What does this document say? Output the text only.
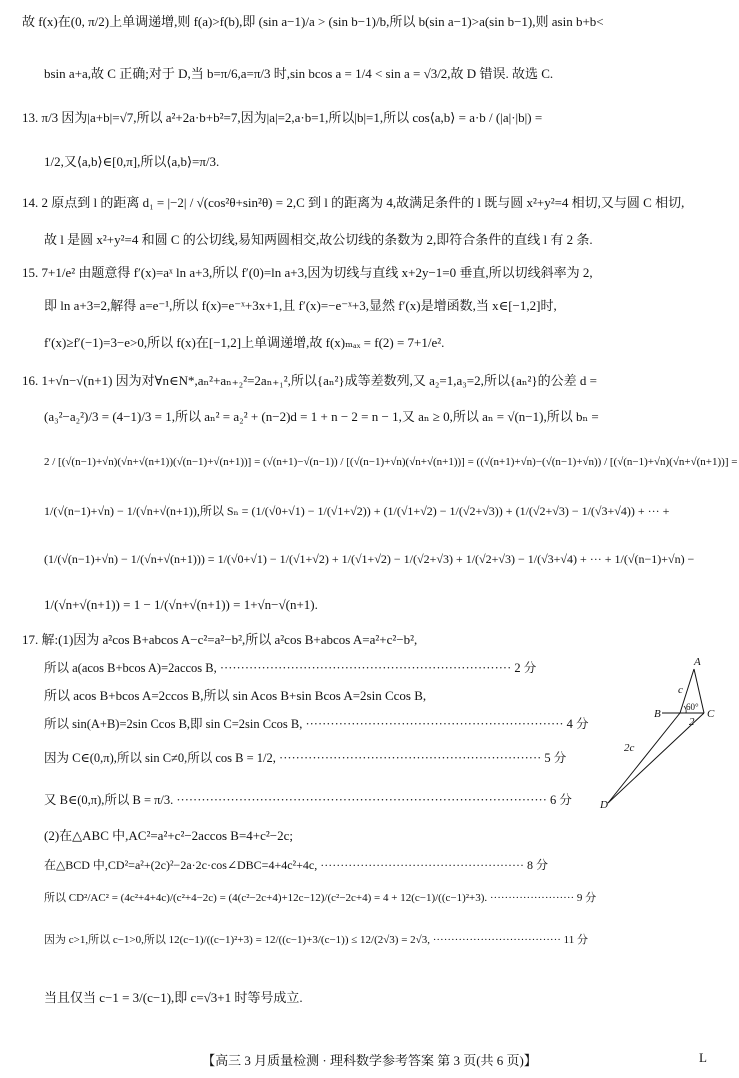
故 f(x)在(0, π/2)上单调递增,则 f(a)>f(b),即 (sin a−1)/a > (sin b−1)/b,所以 b(sin a−1)>a(sin b−1),则 asin b+b<
bsin a+a,故 C 正确;对于 D,当 b=π/6,a=π/3 时,sin bcos a = 1/4 < sin a = √3/2,故 D 错误. 故选 C.
13. π/3 因为|a+b|=√7,所以 a²+2a·b+b²=7,因为|a|=2,a·b=1,所以|b|=1,所以 cos⟨a,b⟩ = a·b / (|a|·|b|) =
1/2,又⟨a,b⟩∈[0,π],所以⟨a,b⟩=π/3.
14. 2 原点到 l 的距离 d₁ = |−2| / √(cos²θ+sin²θ) = 2,C 到 l 的距离为 4,故满足条件的 l 既与圆 x²+y²=4 相切,又与圆 C 相切,
故 l 是圆 x²+y²=4 和圆 C 的公切线,易知两圆相交,故公切线的条数为 2,即符合条件的直线 l 有 2 条.
15. 7+1/e² 由题意得 f′(x)=aˣ ln a+3,所以 f′(0)=ln a+3,因为切线与直线 x+2y−1=0 垂直,所以切线斜率为 2,
即 ln a+3=2,解得 a=e⁻¹,所以 f(x)=e⁻ˣ+3x+1,且 f′(x)=−e⁻ˣ+3,显然 f′(x)是增函数,当 x∈[−1,2]时,
f′(x)≥f′(−1)=3−e>0,所以 f(x)在[−1,2]上单调递增,故 f(x)ₘₐₓ = f(2) = 7+1/e².
16. 1+√n−√(n+1) 因为对∀n∈N*,aₙ²+aₙ₊₂²=2aₙ₊₁²,所以{aₙ²}成等差数列,又 a₂=1,a₃=2,所以{aₙ²}的公差 d =
(a₃²−a₂²)/3 = (4−1)/3 = 1,所以 aₙ² = a₂² + (n−2)d = 1 + n − 2 = n − 1,又 aₙ ≥ 0,所以 aₙ = √(n−1),所以 bₙ =
2 / [(√(n−1)+√n)(√n+√(n+1))(√(n−1)+√(n+1))] = (√(n+1)−√(n−1)) / [(√(n−1)+√n)(√n+√(n+1))] = ((√(n+1)+√n)−(√(n−1)+√n)) / [(√(n−1)+√n)(√n+√(n+1))] =
1/(√(n−1)+√n) − 1/(√n+√(n+1)),所以 Sₙ = (1/(√0+√1) − 1/(√1+√2)) + (1/(√1+√2) − 1/(√2+√3)) + (1/(√2+√3) − 1/(√3+√4)) + ··· +
(1/(√(n−1)+√n) − 1/(√n+√(n+1))) = 1/(√0+√1) − 1/(√1+√2) + 1/(√1+√2) − 1/(√2+√3) + 1/(√2+√3) − 1/(√3+√4) + ··· + 1/(√(n−1)+√n) −
1/(√n+√(n+1)) = 1 − 1/(√n+√(n+1)) = 1+√n−√(n+1).
17. 解:(1)因为 a²cos B+abcos A−c²=a²−b²,所以 a²cos B+abcos A=a²+c²−b²,
所以 a(acos B+bcos A)=2accos B, ······································································ 2 分
所以 acos B+bcos A=2ccos B,所以 sin Acos B+sin Bcos A=2sin Ccos B,
所以 sin(A+B)=2sin Ccos B,即 sin C=2sin Ccos B, ······························································ 4 分
因为 C∈(0,π),所以 sin C≠0,所以 cos B = 1/2, ······························································· 5 分
又 B∈(0,π),所以 B = π/3. ························································································· 6 分
(2)在△ABC 中,AC²=a²+c²−2accos B=4+c²−2c;
在△BCD 中,CD²=a²+(2c)²−2a·2c·cos∠DBC=4+4c²+4c, ··················································· 8 分
所以 CD²/AC² = (4c²+4+4c)/(c²+4−2c) = (4(c²−2c+4)+12c−12)/(c²−2c+4) = 4 + 12(c−1)/((c−1)²+3). ······················· 9 分
因为 c>1,所以 c−1>0,所以 12(c−1)/((c−1)²+3) = 12/((c−1)+3/(c−1)) ≤ 12/(2√3) = 2√3, ··································· 11 分
当且仅当 c−1 = 3/(c−1),即 c=√3+1 时等号成立.
A
B	C
D
c
2
2c
60°
【高三 3 月质量检测 · 理科数学参考答案 第 3 页(共 6 页)】	L
